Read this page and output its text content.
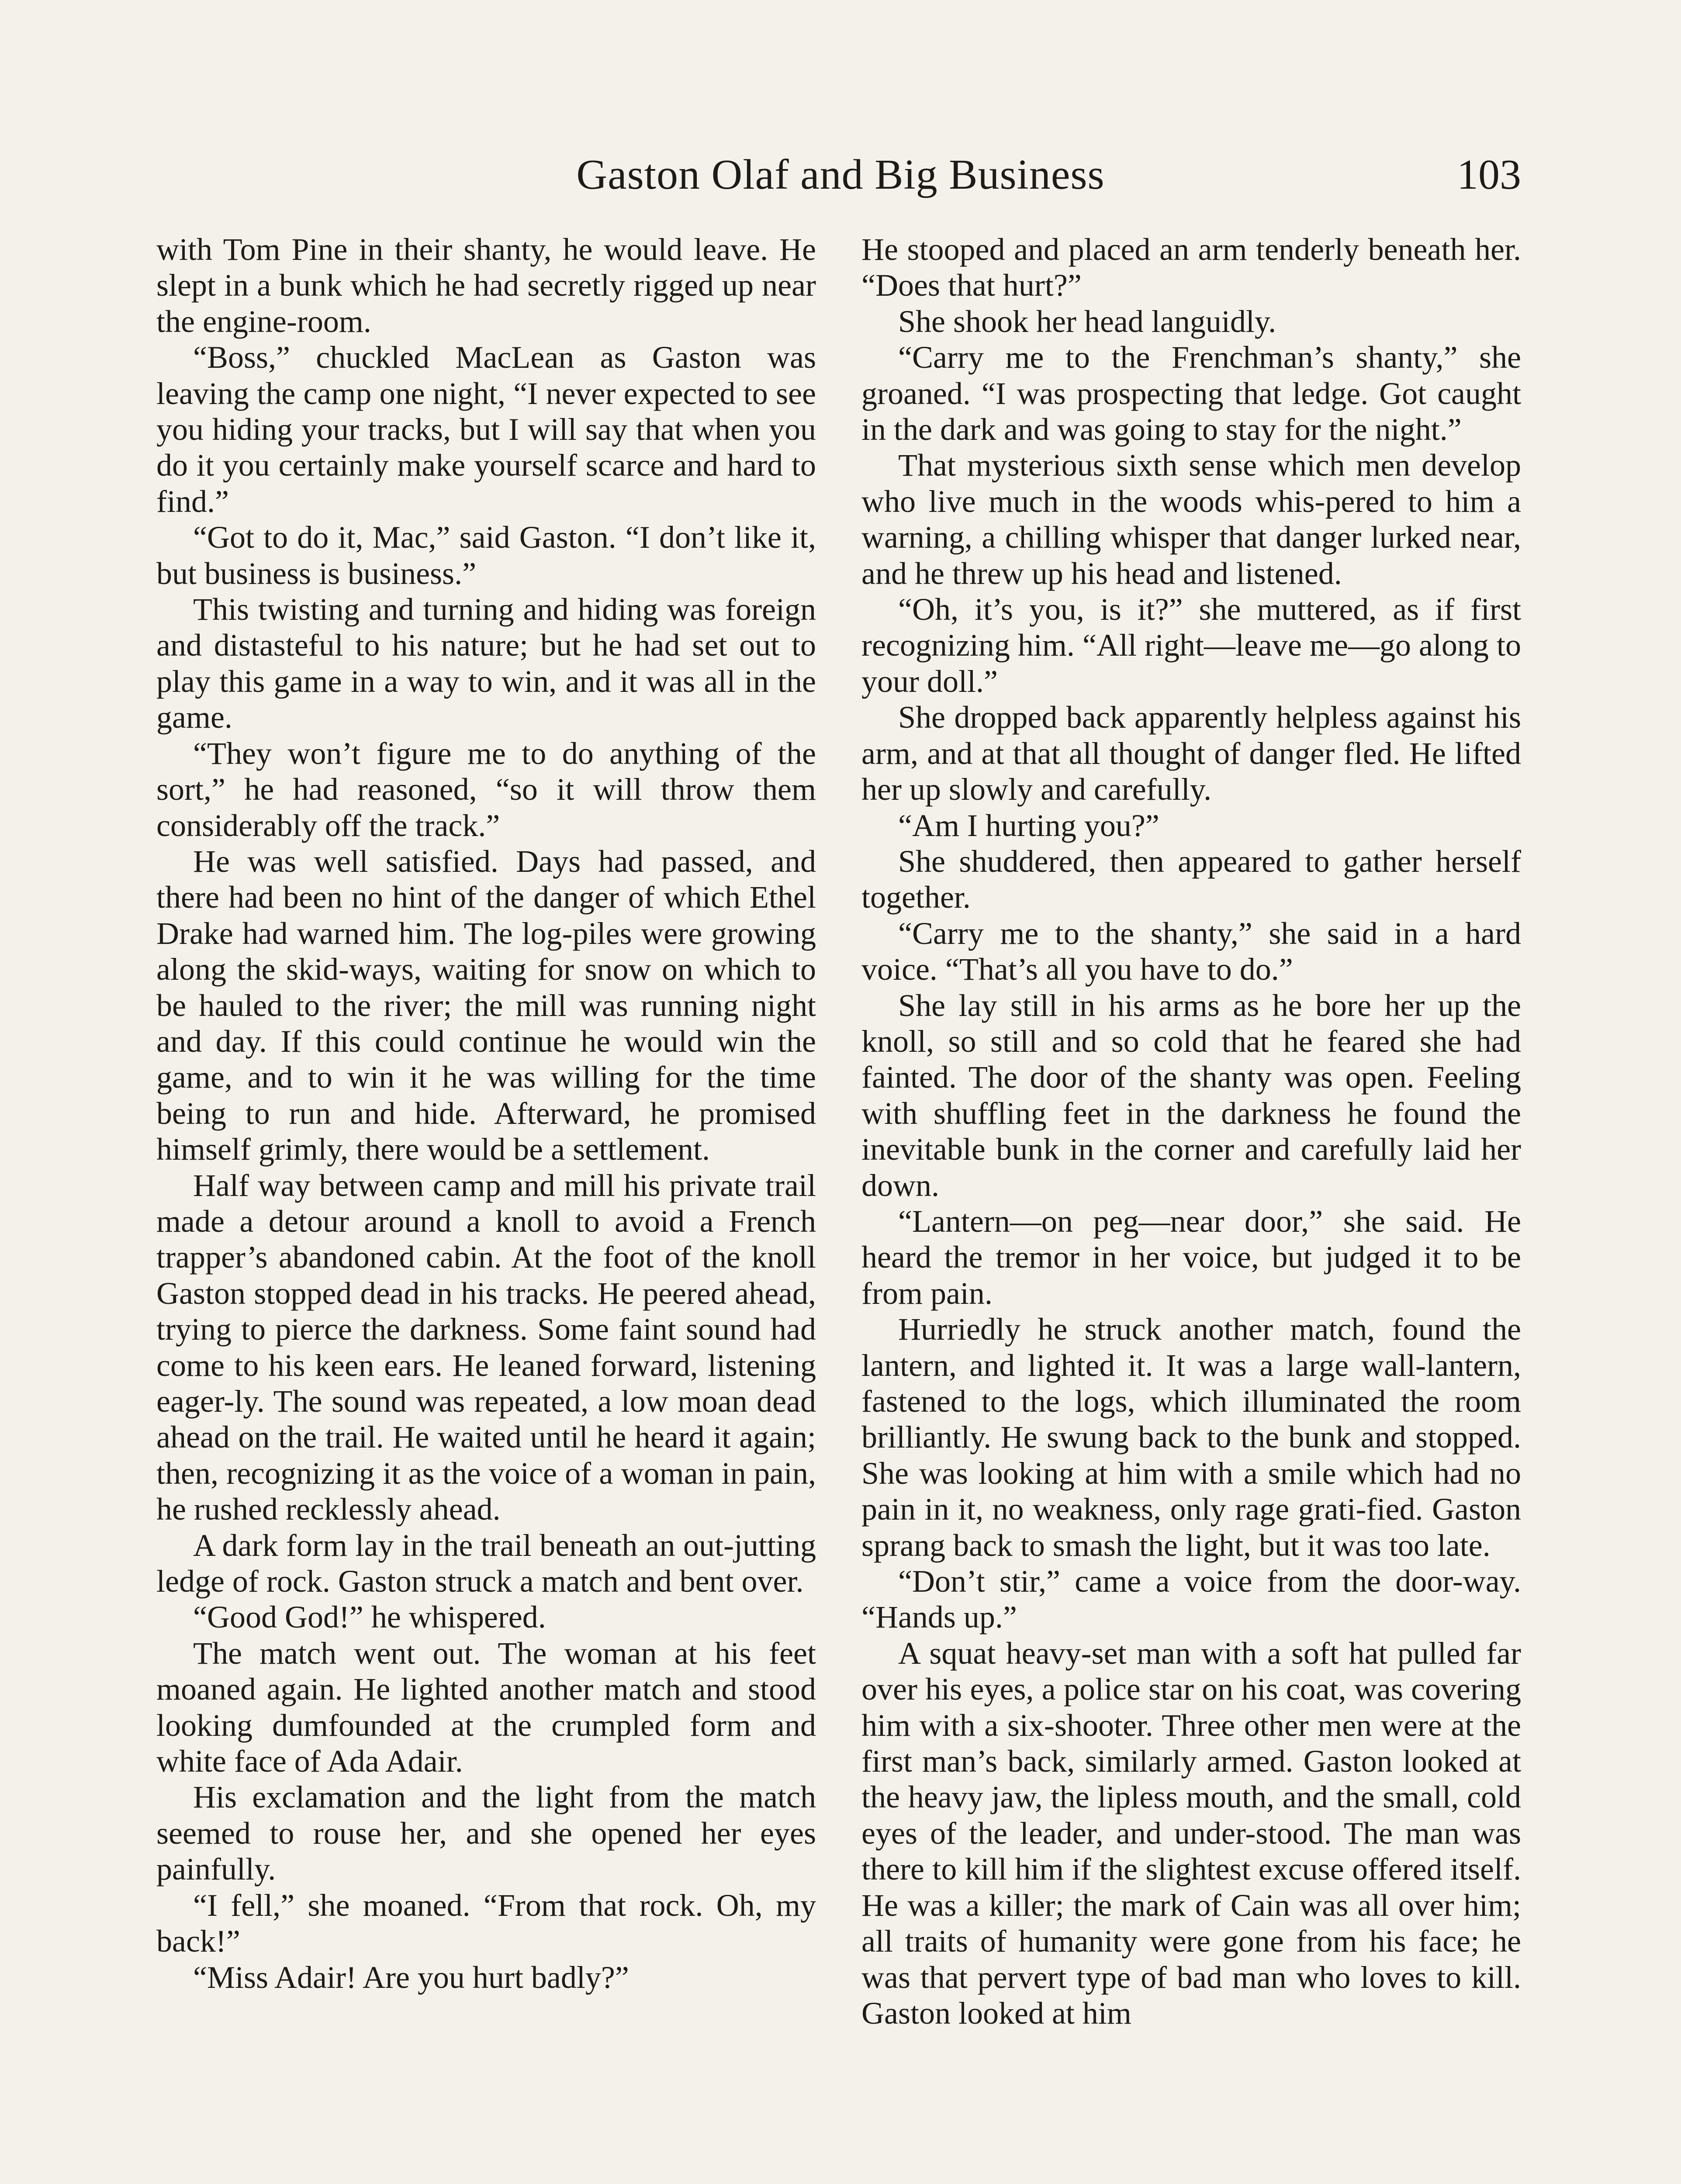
Gaston Olaf and Big Business	103

with Tom Pine in their shanty, he would leave. He slept in a bunk which he had secretly rigged up near the engine-room.

“Boss,” chuckled MacLean as Gaston was leaving the camp one night, “I never expected to see you hiding your tracks, but I will say that when you do it you certainly make yourself scarce and hard to find.”

“Got to do it, Mac,” said Gaston. “I don’t like it, but business is business.”

This twisting and turning and hiding was foreign and distasteful to his nature; but he had set out to play this game in a way to win, and it was all in the game.

“They won’t figure me to do anything of the sort,” he had reasoned, “so it will throw them considerably off the track.”

He was well satisfied. Days had passed, and there had been no hint of the danger of which Ethel Drake had warned him. The log-piles were growing along the skid-ways, waiting for snow on which to be hauled to the river; the mill was running night and day. If this could continue he would win the game, and to win it he was willing for the time being to run and hide. Afterward, he promised himself grimly, there would be a settlement.

Half way between camp and mill his private trail made a detour around a knoll to avoid a French trapper’s abandoned cabin. At the foot of the knoll Gaston stopped dead in his tracks. He peered ahead, trying to pierce the darkness. Some faint sound had come to his keen ears. He leaned forward, listening eager-ly. The sound was repeated, a low moan dead ahead on the trail. He waited until he heard it again; then, recognizing it as the voice of a woman in pain, he rushed recklessly ahead.

A dark form lay in the trail beneath an out-jutting ledge of rock. Gaston struck a match and bent over.

“Good God!” he whispered.

The match went out. The woman at his feet moaned again. He lighted another match and stood looking dumfounded at the crumpled form and white face of Ada Adair.

His exclamation and the light from the match seemed to rouse her, and she opened her eyes painfully.

“I fell,” she moaned. “From that rock. Oh, my back!”

“Miss Adair! Are you hurt badly?”

He stooped and placed an arm tenderly beneath her. “Does that hurt?”

She shook her head languidly.

“Carry me to the Frenchman’s shanty,” she groaned. “I was prospecting that ledge. Got caught in the dark and was going to stay for the night.”

That mysterious sixth sense which men develop who live much in the woods whis-pered to him a warning, a chilling whisper that danger lurked near, and he threw up his head and listened.

“Oh, it’s you, is it?” she muttered, as if first recognizing him. “All right—leave me—go along to your doll.”

She dropped back apparently helpless against his arm, and at that all thought of danger fled. He lifted her up slowly and carefully.

“Am I hurting you?”

She shuddered, then appeared to gather herself together.

“Carry me to the shanty,” she said in a hard voice. “That’s all you have to do.”

She lay still in his arms as he bore her up the knoll, so still and so cold that he feared she had fainted. The door of the shanty was open. Feeling with shuffling feet in the darkness he found the inevitable bunk in the corner and carefully laid her down.

“Lantern—on peg—near door,” she said. He heard the tremor in her voice, but judged it to be from pain.

Hurriedly he struck another match, found the lantern, and lighted it. It was a large wall-lantern, fastened to the logs, which illuminated the room brilliantly. He swung back to the bunk and stopped. She was looking at him with a smile which had no pain in it, no weakness, only rage grati-fied. Gaston sprang back to smash the light, but it was too late.

“Don’t stir,” came a voice from the door-way. “Hands up.”

A squat heavy-set man with a soft hat pulled far over his eyes, a police star on his coat, was covering him with a six-shooter. Three other men were at the first man’s back, similarly armed. Gaston looked at the heavy jaw, the lipless mouth, and the small, cold eyes of the leader, and under-stood. The man was there to kill him if the slightest excuse offered itself. He was a killer; the mark of Cain was all over him; all traits of humanity were gone from his face; he was that pervert type of bad man who loves to kill. Gaston looked at him
